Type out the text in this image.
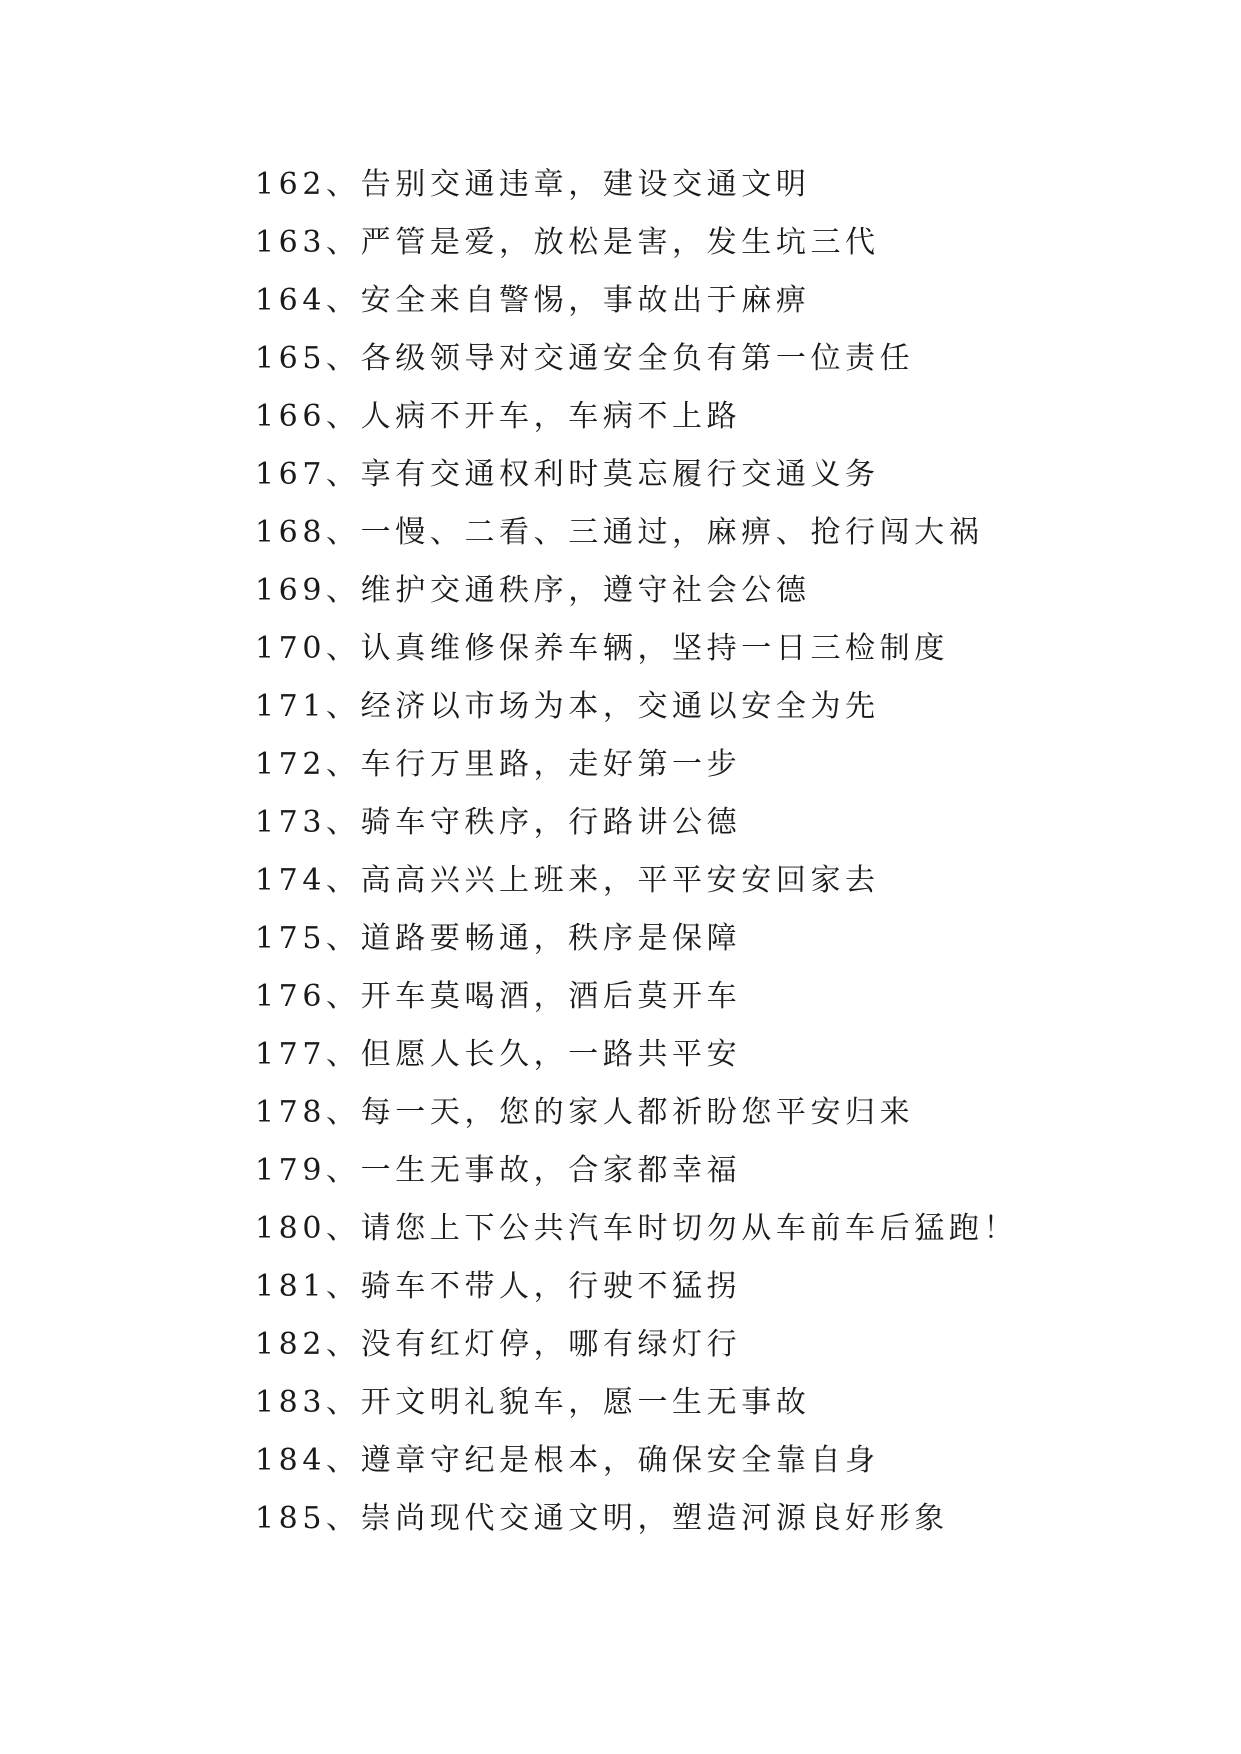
162、告别交通违章，建设交通文明
163、严管是爱，放松是害，发生坑三代
164、安全来自警惕，事故出于麻痹
165、各级领导对交通安全负有第一位责任
166、人病不开车，车病不上路
167、享有交通权利时莫忘履行交通义务
168、一慢、二看、三通过，麻痹、抢行闯大祸
169、维护交通秩序，遵守社会公德
170、认真维修保养车辆，坚持一日三检制度
171、经济以市场为本，交通以安全为先
172、车行万里路，走好第一步
173、骑车守秩序，行路讲公德
174、高高兴兴上班来，平平安安回家去
175、道路要畅通，秩序是保障
176、开车莫喝酒，酒后莫开车
177、但愿人长久，一路共平安
178、每一天，您的家人都祈盼您平安归来
179、一生无事故，合家都幸福
180、请您上下公共汽车时切勿从车前车后猛跑！
181、骑车不带人，行驶不猛拐
182、没有红灯停，哪有绿灯行
183、开文明礼貌车，愿一生无事故
184、遵章守纪是根本，确保安全靠自身
185、崇尚现代交通文明，塑造河源良好形象
